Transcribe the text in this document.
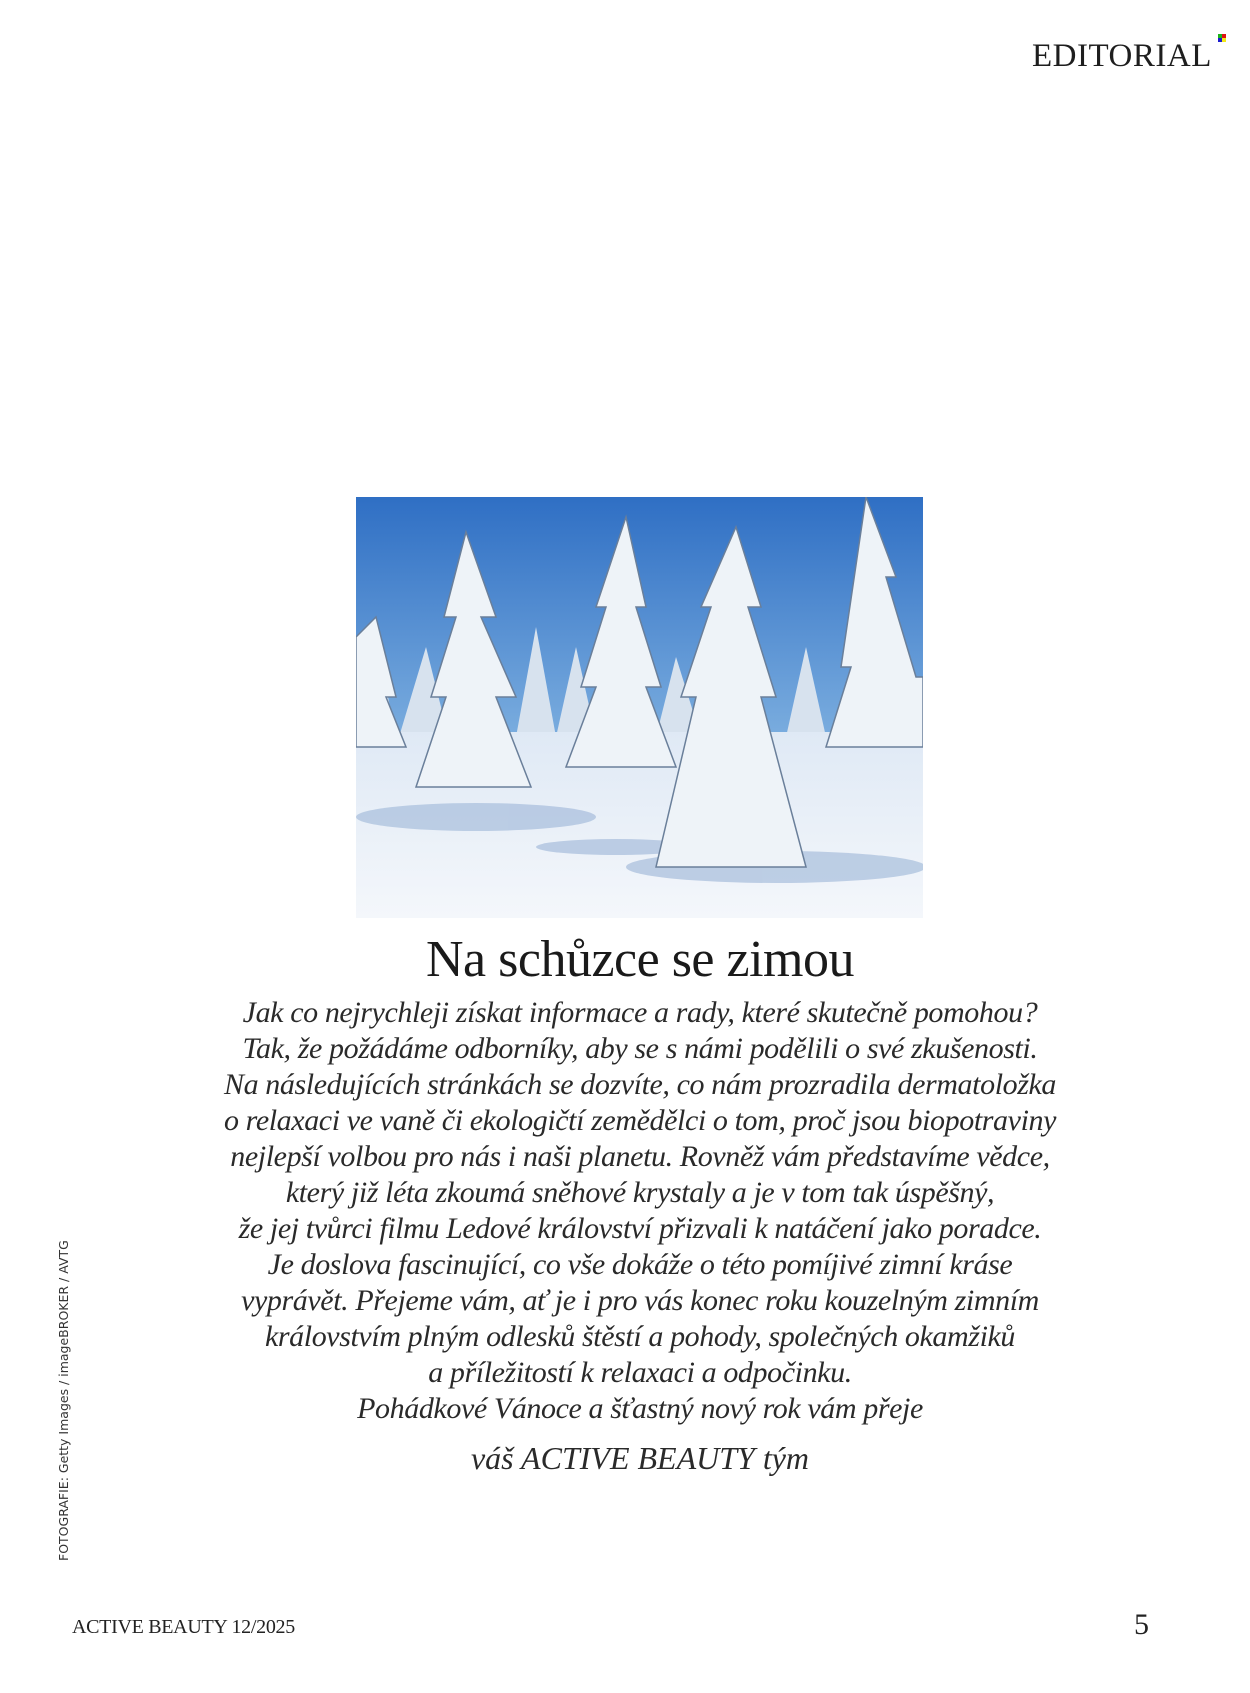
EDITORIAL
Na schůzce se zimou
Jak co nejrychleji získat informace a rady, které skutečně pomohou?
Tak, že požádáme odborníky, aby se s námi podělili o své zkušenosti.
Na následujících stránkách se dozvíte, co nám prozradila dermatoložka
o relaxaci ve vaně či ekologičtí zemědělci o tom, proč jsou biopotraviny
nejlepší volbou pro nás i naši planetu. Rovněž vám představíme vědce,
který již léta zkoumá sněhové krystaly a je v tom tak úspěšný,
že jej tvůrci filmu Ledové království přizvali k natáčení jako poradce.
Je doslova fascinující, co vše dokáže o této pomíjivé zimní kráse
vyprávět. Přejeme vám, ať je i pro vás konec roku kouzelným zimním
královstvím plným odlesků štěstí a pohody, společných okamžiků
a příležitostí k relaxaci a odpočinku.
Pohádkové Vánoce a šťastný nový rok vám přeje
váš ACTIVE BEAUTY tým
FOTOGRAFIE: Getty Images / imageBROKER / AVTG
ACTIVE BEAUTY 12/2025	5
